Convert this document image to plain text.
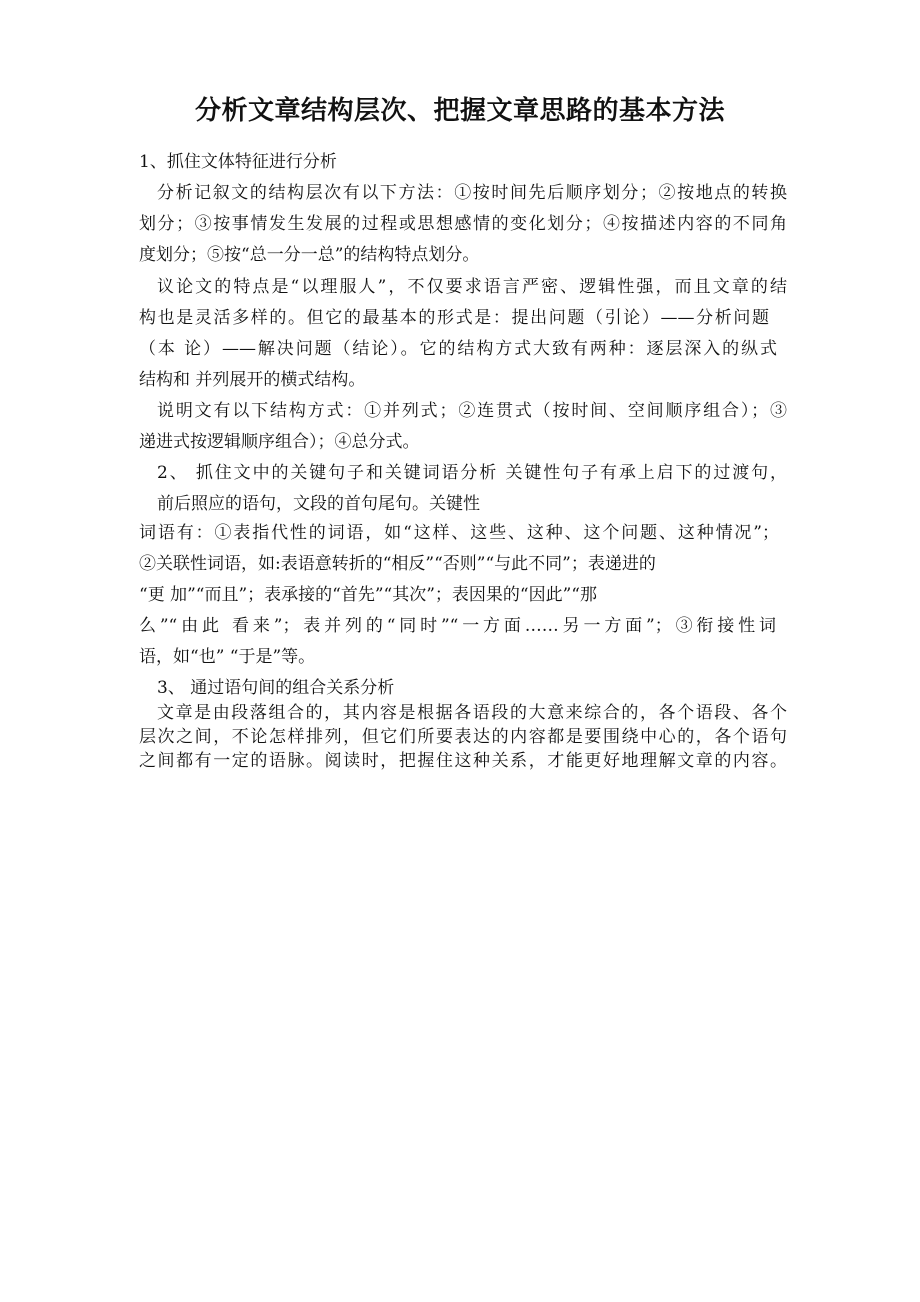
分析文章结构层次、把握文章思路的基本方法
1、抓住文体特征进行分析
分析记叙文的结构层次有以下方法：①按时间先后顺序划分；②按地点的转换
划分；③按事情发生发展的过程或思想感情的变化划分；④按描述内容的不同角
度划分；⑤按“总一分一总”的结构特点划分。
议论文的特点是“以理服人”，不仅要求语言严密、逻辑性强，而且文章的结
构也是灵活多样的。但它的最基本的形式是：提出问题（引论）——分析问题
（本 论）——解决问题（结论）。它的结构方式大致有两种：逐层深入的纵式
结构和 并列展开的横式结构。
说明文有以下结构方式：①并列式；②连贯式（按时间、空间顺序组合）；③
递进式按逻辑顺序组合）；④总分式。
2、 抓住文中的关键句子和关键词语分析 关键性句子有承上启下的过渡句，
前后照应的语句，文段的首句尾句。关键性
词语有：①表指代性的词语，如“这样、这些、这种、这个问题、这种情况”；
②关联性词语，如:表语意转折的“相反”“否则”“与此不同”；表递进的
“更 加”“而且”；表承接的“首先”“其次”；表因果的“因此”“那
么”“由此 看来”；表并列的“同时”“一方面……另一方面”；③衔接性词
语，如“也” “于是”等。
3、 通过语句间的组合关系分析
文章是由段落组合的，其内容是根据各语段的大意来综合的，各个语段、各个
层次之间，不论怎样排列，但它们所要表达的内容都是要围绕中心的，各个语句
之间都有一定的语脉。阅读时，把握住这种关系，才能更好地理解文章的内容。
